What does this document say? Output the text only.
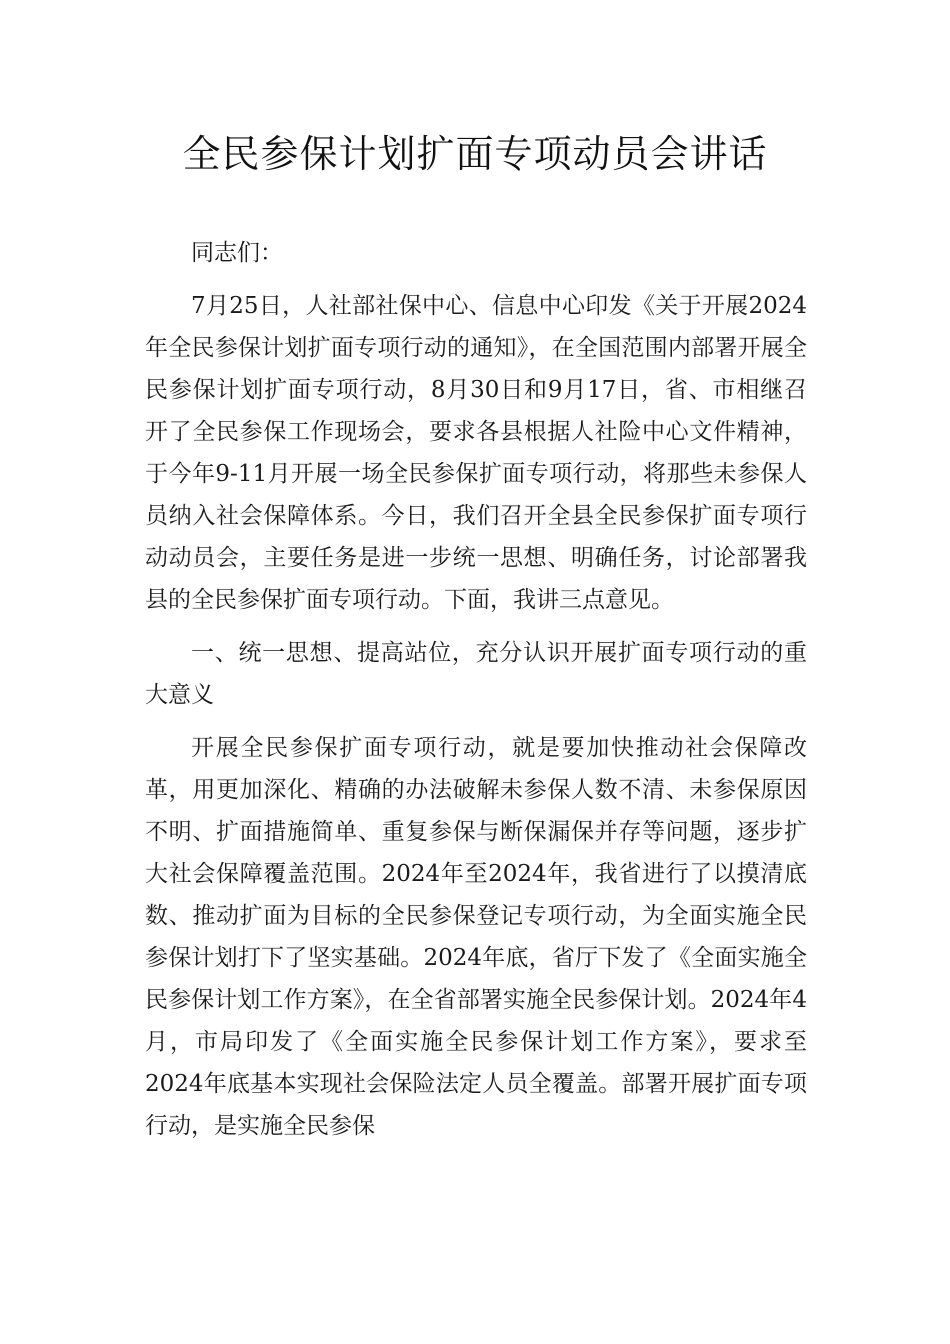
全民参保计划扩面专项动员会讲话

同志们：

7月25日，人社部社保中心、信息中心印发《关于开展2024年全民参保计划扩面专项行动的通知》，在全国范围内部署开展全民参保计划扩面专项行动，8月30日和9月17日，省、市相继召开了全民参保工作现场会，要求各县根据人社险中心文件精神，于今年9-11月开展一场全民参保扩面专项行动，将那些未参保人员纳入社会保障体系。今日，我们召开全县全民参保扩面专项行动动员会，主要任务是进一步统一思想、明确任务，讨论部署我县的全民参保扩面专项行动。下面，我讲三点意见。

一、统一思想、提高站位，充分认识开展扩面专项行动的重大意义

开展全民参保扩面专项行动，就是要加快推动社会保障改革，用更加深化、精确的办法破解未参保人数不清、未参保原因不明、扩面措施简单、重复参保与断保漏保并存等问题，逐步扩大社会保障覆盖范围。2024年至2024年，我省进行了以摸清底数、推动扩面为目标的全民参保登记专项行动，为全面实施全民参保计划打下了坚实基础。2024年底，省厅下发了《全面实施全民参保计划工作方案》，在全省部署实施全民参保计划。2024年4月，市局印发了《全面实施全民参保计划工作方案》，要求至2024年底基本实现社会保险法定人员全覆盖。部署开展扩面专项行动，是实施全民参保
